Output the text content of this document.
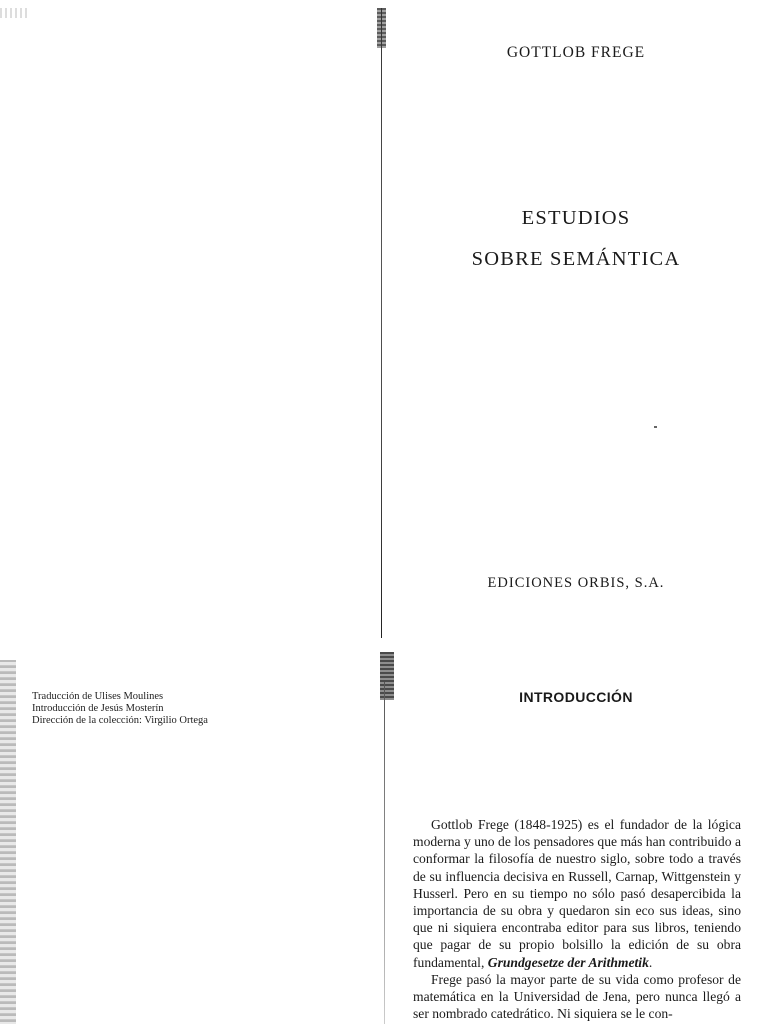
GOTTLOB FREGE
ESTUDIOS
SOBRE SEMÁNTICA
EDICIONES ORBIS, S.A.
Traducción de Ulises Moulines
Introducción de Jesús Mosterín
Dirección de la colección: Virgilio Ortega
INTRODUCCIÓN

Gottlob Frege (1848-1925) es el fundador de la lógica moderna y uno de los pensadores que más han contribuido a conformar la filosofía de nuestro siglo, sobre todo a través de su influencia decisiva en Russell, Carnap, Wittgenstein y Husserl. Pero en su tiempo no sólo pasó desapercibida la importancia de su obra y quedaron sin eco sus ideas, sino que ni siquiera encontraba editor para sus libros, teniendo que pagar de su propio bolsillo la edición de su obra fundamental, Grundgesetze der Arithmetik.

Frege pasó la mayor parte de su vida como profesor de matemática en la Universidad de Jena, pero nunca llegó a ser nombrado catedrático. Ni siquiera se le con-
